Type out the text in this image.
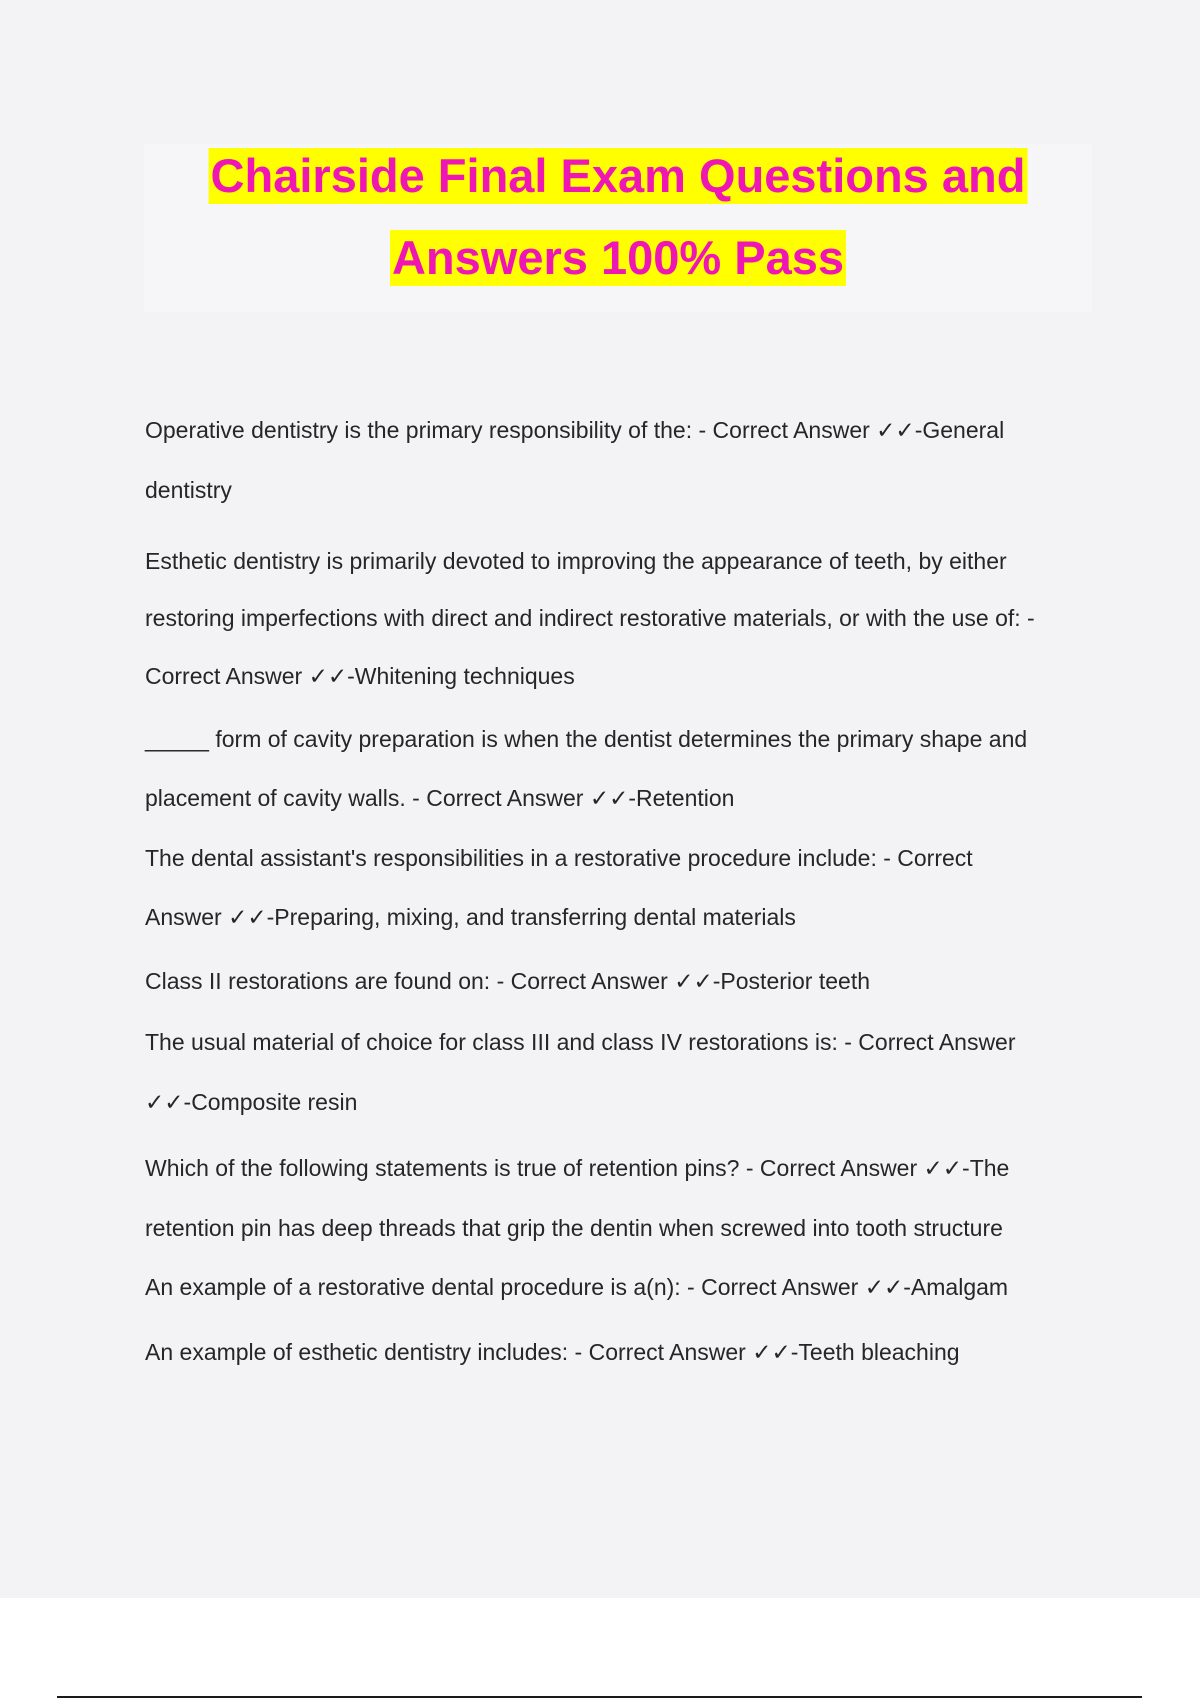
Chairside Final Exam Questions and
Answers 100% Pass
Operative dentistry is the primary responsibility of the: - Correct Answer ✓✓-General
dentistry
Esthetic dentistry is primarily devoted to improving the appearance of teeth, by either
restoring imperfections with direct and indirect restorative materials, or with the use of: -
Correct Answer ✓✓-Whitening techniques
_____ form of cavity preparation is when the dentist determines the primary shape and
placement of cavity walls. - Correct Answer ✓✓-Retention
The dental assistant's responsibilities in a restorative procedure include: - Correct
Answer ✓✓-Preparing, mixing, and transferring dental materials
Class II restorations are found on: - Correct Answer ✓✓-Posterior teeth
The usual material of choice for class III and class IV restorations is: - Correct Answer
✓✓-Composite resin
Which of the following statements is true of retention pins? - Correct Answer ✓✓-The
retention pin has deep threads that grip the dentin when screwed into tooth structure
An example of a restorative dental procedure is a(n): - Correct Answer ✓✓-Amalgam
An example of esthetic dentistry includes: - Correct Answer ✓✓-Teeth bleaching
